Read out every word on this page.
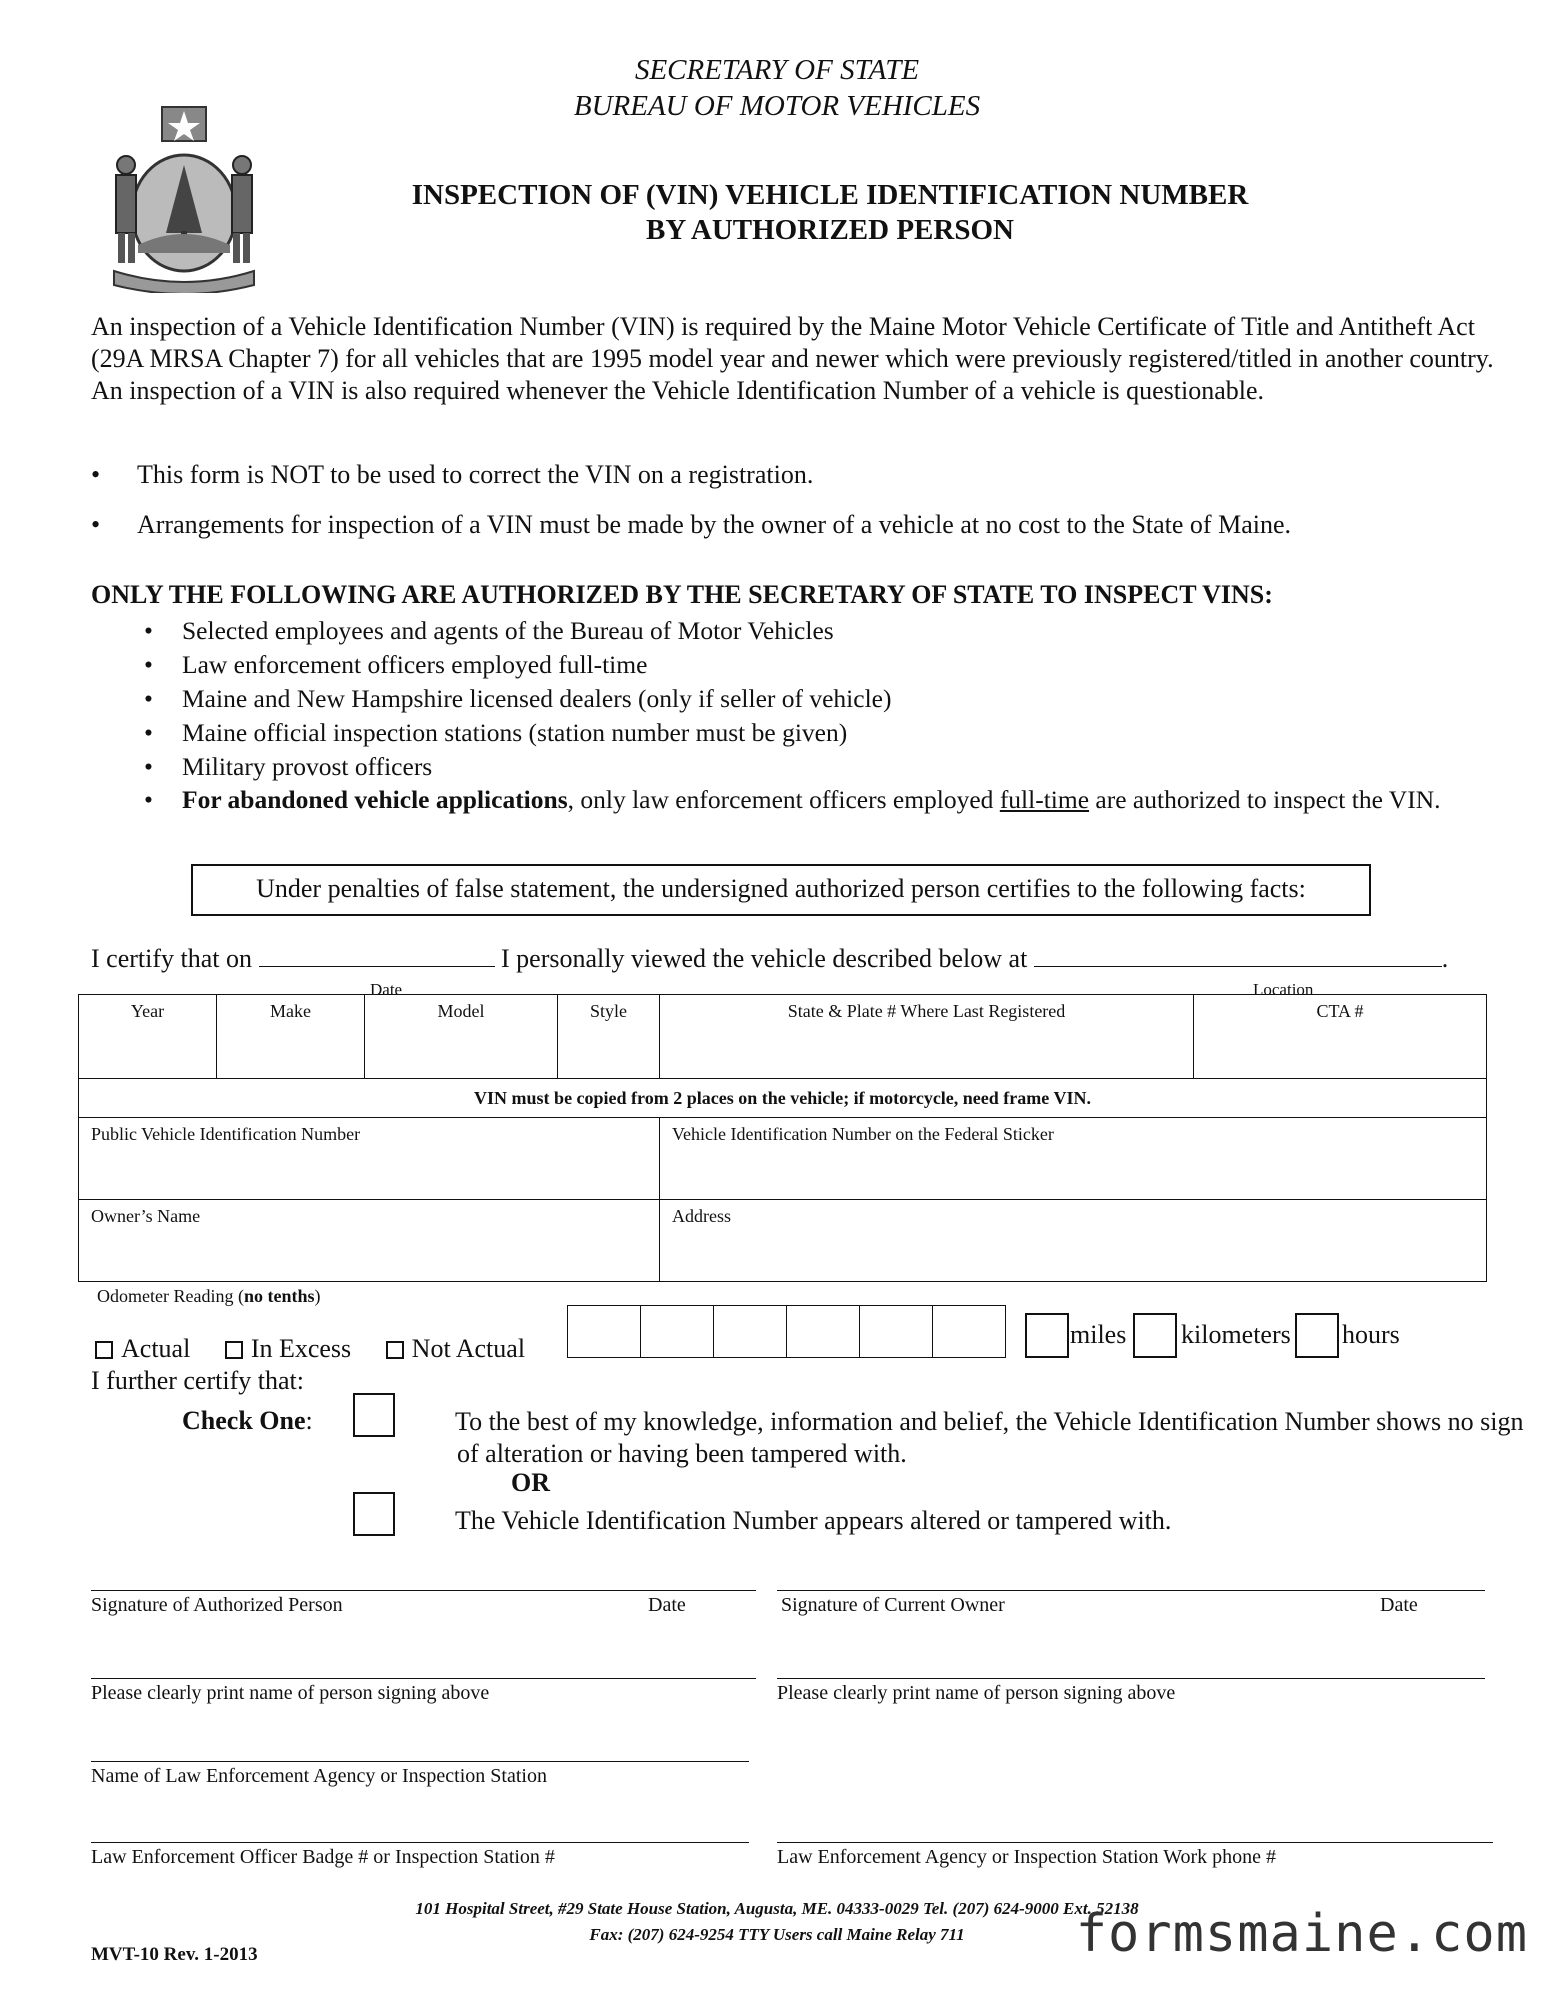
SECRETARY OF STATE
BUREAU OF MOTOR VEHICLES
INSPECTION OF (VIN) VEHICLE IDENTIFICATION NUMBER
BY AUTHORIZED PERSON
An inspection of a Vehicle Identification Number (VIN) is required by the Maine Motor Vehicle Certificate of Title and Antitheft Act (29A MRSA Chapter 7) for all vehicles that are 1995 model year and newer which were previously registered/titled in another country. An inspection of a VIN is also required whenever the Vehicle Identification Number of a vehicle is questionable.
• This form is NOT to be used to correct the VIN on a registration.
• Arrangements for inspection of a VIN must be made by the owner of a vehicle at no cost to the State of Maine.
ONLY THE FOLLOWING ARE AUTHORIZED BY THE SECRETARY OF STATE TO INSPECT VINS:
• Selected employees and agents of the Bureau of Motor Vehicles
• Law enforcement officers employed full-time
• Maine and New Hampshire licensed dealers (only if seller of vehicle)
• Maine official inspection stations (station number must be given)
• Military provost officers
• For abandoned vehicle applications, only law enforcement officers employed full-time are authorized to inspect the VIN.
Under penalties of false statement, the undersigned authorized person certifies to the following facts:
I certify that on	I personally viewed the vehicle described below at	.
Date	Location
Year	Make	Model	Style	State & Plate # Where Last Registered	CTA #

VIN must be copied from 2 places on the vehicle; if motorcycle, need frame VIN.					

Public Vehicle Identification Number				Vehicle Identification Number on the Federal Sticker	

Owner’s Name				Address	
Odometer Reading (no tenths)
Actual In Excess Not Actual	miles kilometers hours
I further certify that:
Check One:	To the best of my knowledge, information and belief, the Vehicle Identification Number shows no sign
of alteration or having been tampered with.
OR
The Vehicle Identification Number appears altered or tampered with.
Signature of Authorized Person	Date	Signature of Current Owner	Date
Please clearly print name of person signing above	Please clearly print name of person signing above
Name of Law Enforcement Agency or Inspection Station
Law Enforcement Officer Badge # or Inspection Station #	Law Enforcement Agency or Inspection Station Work phone #
101 Hospital Street, #29 State House Station, Augusta, ME. 04333-0029 Tel. (207) 624-9000 Ext. 52138
Fax: (207) 624-9254 TTY Users call Maine Relay 711
MVT-10 Rev. 1-2013	formsmaine.com
